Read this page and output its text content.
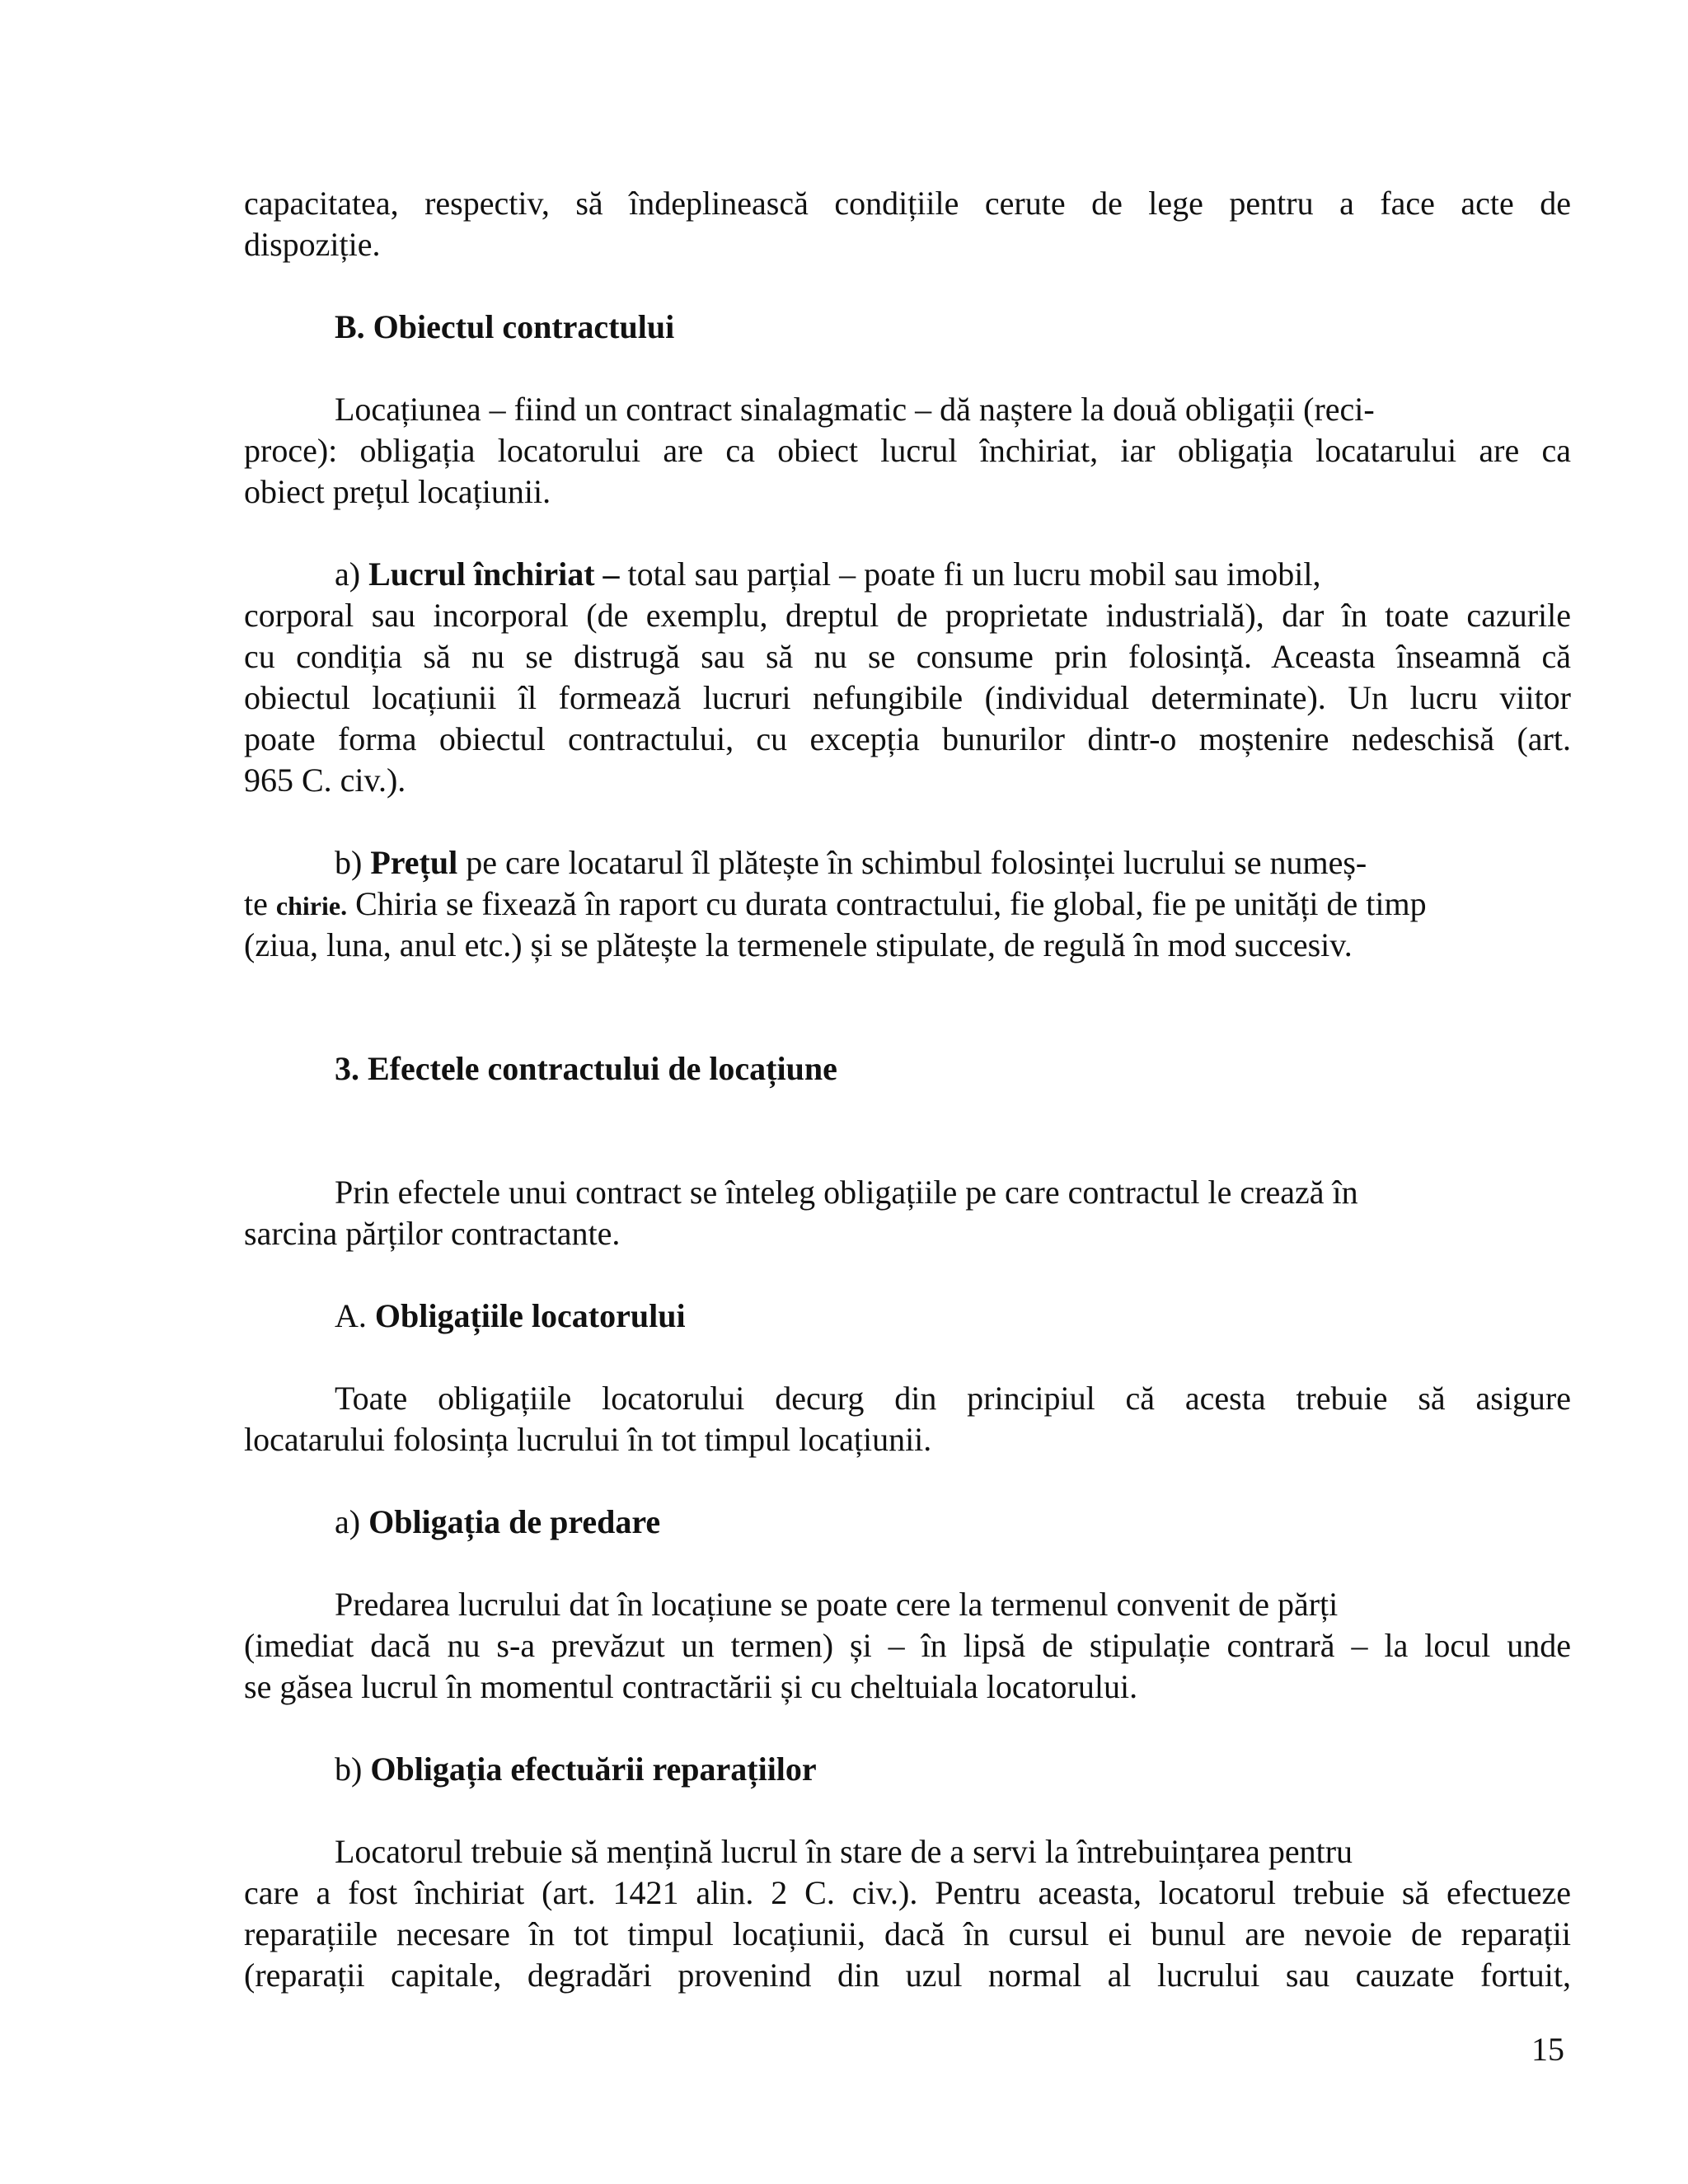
capacitatea, respectiv, să îndeplinească condițiile cerute de lege pentru a face acte de
dispoziție.
B. Obiectul contractului
Locațiunea – fiind un contract sinalagmatic – dă naștere la două obligații (reci-
proce): obligația locatorului are ca obiect lucrul închiriat, iar obligația locatarului are ca
obiect prețul locațiunii.
a) Lucrul închiriat – total sau parțial – poate fi un lucru mobil sau imobil,
corporal sau incorporal (de exemplu, dreptul de proprietate industrială), dar în toate cazurile
cu condiția să nu se distrugă sau să nu se consume prin folosință. Aceasta înseamnă că
obiectul locațiunii îl formează lucruri nefungibile (individual determinate). Un lucru viitor
poate forma obiectul contractului, cu excepția bunurilor dintr-o moștenire nedeschisă (art.
965 C. civ.).
b) Prețul pe care locatarul îl plătește în schimbul folosinței lucrului se numeș-
te chirie. Chiria se fixează în raport cu durata contractului, fie global, fie pe unități de timp
(ziua, luna, anul etc.) și se plătește la termenele stipulate, de regulă în mod succesiv.
3. Efectele contractului de locațiune
Prin efectele unui contract se înteleg obligațiile pe care contractul le crează în
sarcina părților contractante.
A. Obligațiile locatorului
Toate obligațiile locatorului decurg din principiul că acesta trebuie să asigure
locatarului folosința lucrului în tot timpul locațiunii.
a) Obligația de predare
Predarea lucrului dat în locațiune se poate cere la termenul convenit de părți
(imediat dacă nu s-a prevăzut un termen) și – în lipsă de stipulație contrară – la locul unde
se găsea lucrul în momentul contractării și cu cheltuiala locatorului.
b) Obligația efectuării reparațiilor
Locatorul trebuie să mențină lucrul în stare de a servi la întrebuințarea pentru
care a fost închiriat (art. 1421 alin. 2 C. civ.). Pentru aceasta, locatorul trebuie să efectueze
reparațiile necesare în tot timpul locațiunii, dacă în cursul ei bunul are nevoie de reparații
(reparații capitale, degradări provenind din uzul normal al lucrului sau cauzate fortuit,
15
